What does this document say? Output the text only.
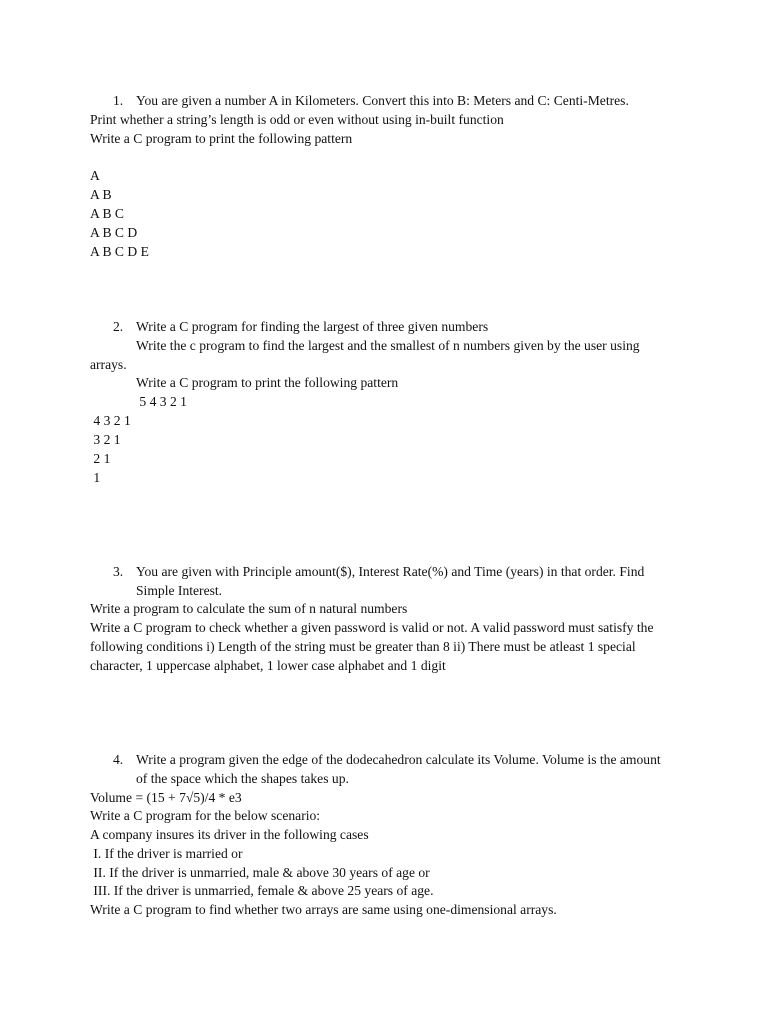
1. You are given a number A in Kilometers. Convert this into B: Meters and C: Centi-Metres.
Print whether a string’s length is odd or even without using in-built function
Write a C program to print the following pattern
A
A B
A B C
A B C D
A B C D E
2. Write a C program for finding the largest of three given numbers
Write the c program to find the largest and the smallest of n numbers given by the user using
arrays.
Write a C program to print the following pattern
5 4 3 2 1
4 3 2 1
3 2 1
2 1
1
3. You are given with Principle amount($), Interest Rate(%) and Time (years) in that order. Find
Simple Interest.
Write a program to calculate the sum of n natural numbers
Write a C program to check whether a given password is valid or not. A valid password must satisfy the
following conditions i) Length of the string must be greater than 8 ii) There must be atleast 1 special
character, 1 uppercase alphabet, 1 lower case alphabet and 1 digit
4. Write a program given the edge of the dodecahedron calculate its Volume. Volume is the amount
of the space which the shapes takes up.
Volume = (15 + 7√5)/4 * e3
Write a C program for the below scenario:
A company insures its driver in the following cases
I. If the driver is married or
II. If the driver is unmarried, male & above 30 years of age or
III. If the driver is unmarried, female & above 25 years of age.
Write a C program to find whether two arrays are same using one-dimensional arrays.
